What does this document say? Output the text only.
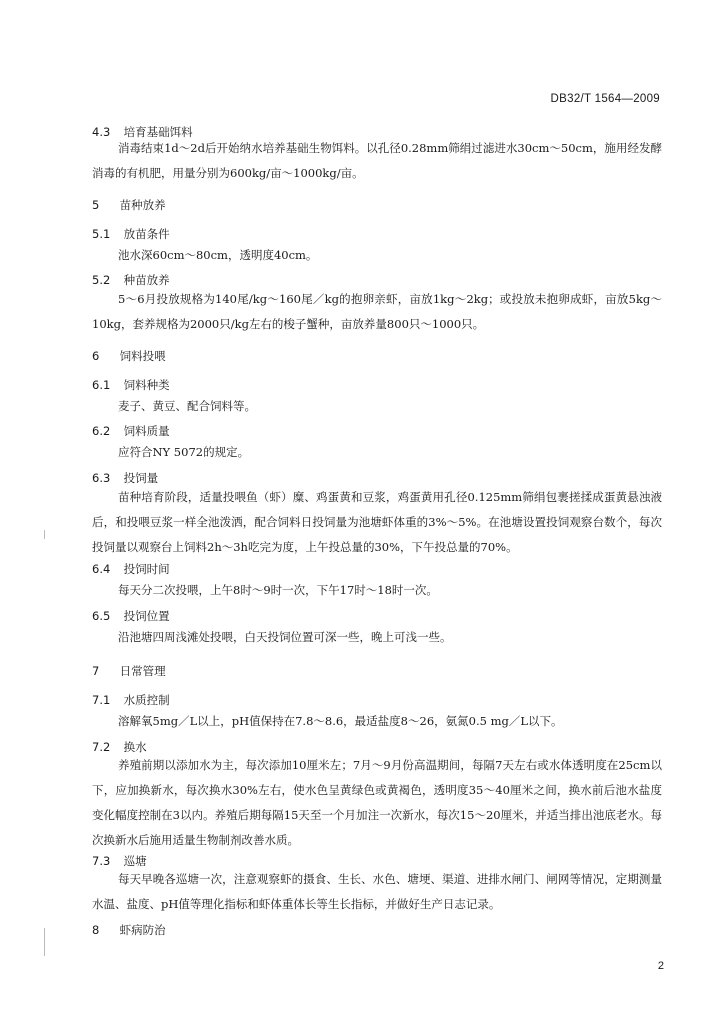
DB32/T 1564—2009
4.3 培育基础饵料
消毒结束1d～2d后开始纳水培养基础生物饵料。以孔径0.28mm筛绢过滤进水30cm～50cm，施用经发酵消毒的有机肥，用量分别为600kg/亩～1000kg/亩。
5 苗种放养
5.1 放苗条件
池水深60cm～80cm，透明度40cm。
5.2 种苗放养
5～6月投放规格为140尾/kg～160尾／kg的抱卵亲虾，亩放1kg～2kg；或投放未抱卵成虾，亩放5kg～10kg，套养规格为2000只/kg左右的梭子蟹种，亩放养量800只～1000只。
6 饲料投喂
6.1 饲料种类
麦子、黄豆、配合饲料等。
6.2 饲料质量
应符合NY 5072的规定。
6.3 投饲量
苗种培育阶段，适量投喂鱼（虾）糜、鸡蛋黄和豆浆，鸡蛋黄用孔径0.125mm筛绢包裹搓揉成蛋黄悬浊液后，和投喂豆浆一样全池泼洒，配合饲料日投饲量为池塘虾体重的3%～5%。在池塘设置投饲观察台数个，每次投饲量以观察台上饲料2h～3h吃完为度，上午投总量的30%，下午投总量的70%。
6.4 投饲时间
每天分二次投喂，上午8时～9时一次，下午17时～18时一次。
6.5 投饲位置
沿池塘四周浅滩处投喂，白天投饲位置可深一些，晚上可浅一些。
7 日常管理
7.1 水质控制
溶解氧5mg／L以上，pH值保持在7.8～8.6，最适盐度8～26，氨氮0.5 mg／L以下。
7.2 换水
养殖前期以添加水为主，每次添加10厘米左；7月～9月份高温期间，每隔7天左右或水体透明度在25cm以下，应加换新水，每次换水30%左右，使水色呈黄绿色或黄褐色，透明度35～40厘米之间，换水前后池水盐度变化幅度控制在3以内。养殖后期每隔15天至一个月加注一次新水，每次15～20厘米，并适当排出池底老水。每次换新水后施用适量生物制剂改善水质。
7.3 巡塘
每天早晚各巡塘一次，注意观察虾的摄食、生长、水色、塘埂、渠道、进排水闸门、闸网等情况，定期测量水温、盐度、pH值等理化指标和虾体重体长等生长指标，并做好生产日志记录。
8 虾病防治
2
